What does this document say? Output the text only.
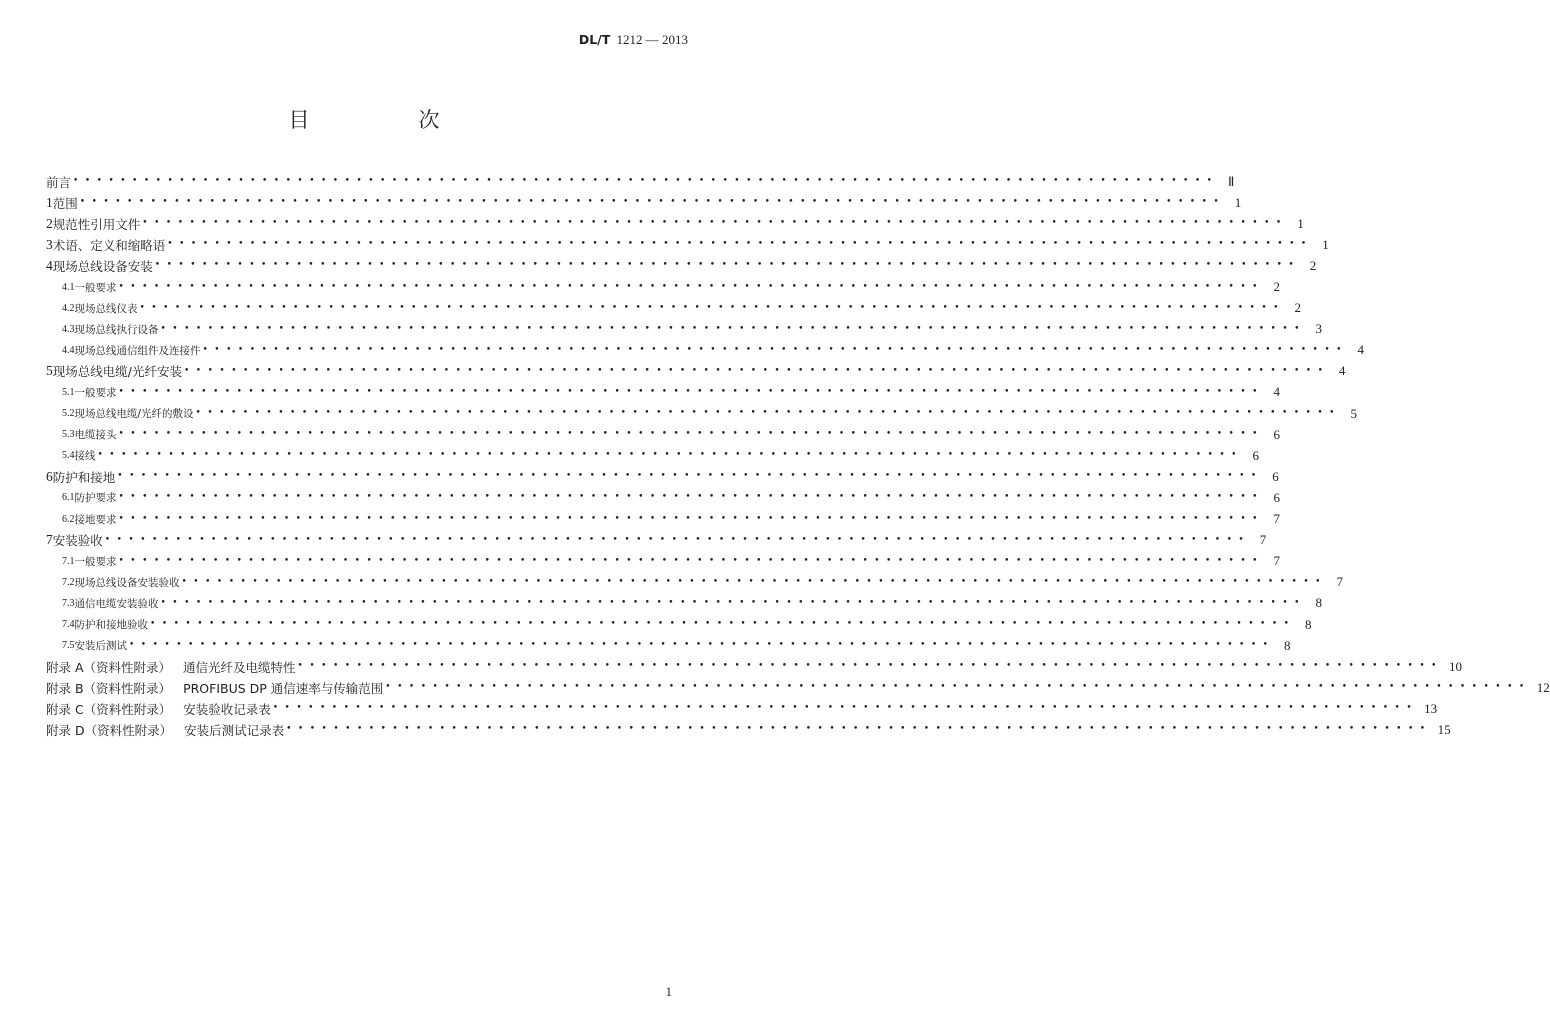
DL/T 1212 — 2013
目　次
前言 ••••••••••••••••••••••••••••••••••••••••••••••••••••••••••••••••••••••••••••••••••••••••••••••••• Ⅱ
1 范围 ••••••••••••••••••••••••••••••••••••••••••••••••••••••••••••••••••••••••••••••••••••••••••••••••• 1
2 规范性引用文件 ••••••••••••••••••••••••••••••••••••••••••••••••••••••••••••••••••••••••••••••••••••••••••••••••• 1
3 术语、定义和缩略语 ••••••••••••••••••••••••••••••••••••••••••••••••••••••••••••••••••••••••••••••••••••••••••••••••• 1
4 现场总线设备安装 ••••••••••••••••••••••••••••••••••••••••••••••••••••••••••••••••••••••••••••••••••••••••••••••••• 2
4.1 一般要求 ••••••••••••••••••••••••••••••••••••••••••••••••••••••••••••••••••••••••••••••••••••••••••••••••• 2
4.2 现场总线仪表 ••••••••••••••••••••••••••••••••••••••••••••••••••••••••••••••••••••••••••••••••••••••••••••••••• 2
4.3 现场总线执行设备 ••••••••••••••••••••••••••••••••••••••••••••••••••••••••••••••••••••••••••••••••••••••••••••••••• 3
4.4 现场总线通信组件及连接件 ••••••••••••••••••••••••••••••••••••••••••••••••••••••••••••••••••••••••••••••••••••••••••••••••• 4
5 现场总线电缆/光纤安装 ••••••••••••••••••••••••••••••••••••••••••••••••••••••••••••••••••••••••••••••••••••••••••••••••• 4
5.1 一般要求 ••••••••••••••••••••••••••••••••••••••••••••••••••••••••••••••••••••••••••••••••••••••••••••••••• 4
5.2 现场总线电缆/光纤的敷设 ••••••••••••••••••••••••••••••••••••••••••••••••••••••••••••••••••••••••••••••••••••••••••••••••• 5
5.3 电缆接头 ••••••••••••••••••••••••••••••••••••••••••••••••••••••••••••••••••••••••••••••••••••••••••••••••• 6
5.4 接线 ••••••••••••••••••••••••••••••••••••••••••••••••••••••••••••••••••••••••••••••••••••••••••••••••• 6
6 防护和接地 ••••••••••••••••••••••••••••••••••••••••••••••••••••••••••••••••••••••••••••••••••••••••••••••••• 6
6.1 防护要求 ••••••••••••••••••••••••••••••••••••••••••••••••••••••••••••••••••••••••••••••••••••••••••••••••• 6
6.2 接地要求 ••••••••••••••••••••••••••••••••••••••••••••••••••••••••••••••••••••••••••••••••••••••••••••••••• 7
7 安装验收 ••••••••••••••••••••••••••••••••••••••••••••••••••••••••••••••••••••••••••••••••••••••••••••••••• 7
7.1 一般要求 ••••••••••••••••••••••••••••••••••••••••••••••••••••••••••••••••••••••••••••••••••••••••••••••••• 7
7.2 现场总线设备安装验收 ••••••••••••••••••••••••••••••••••••••••••••••••••••••••••••••••••••••••••••••••••••••••••••••••• 7
7.3 通信电缆安装验收 ••••••••••••••••••••••••••••••••••••••••••••••••••••••••••••••••••••••••••••••••••••••••••••••••• 8
7.4 防护和接地验收 ••••••••••••••••••••••••••••••••••••••••••••••••••••••••••••••••••••••••••••••••••••••••••••••••• 8
7.5 安装后测试 ••••••••••••••••••••••••••••••••••••••••••••••••••••••••••••••••••••••••••••••••••••••••••••••••• 8
附录 A（资料性附录） 通信光纤及电缆特性 ••••••••••••••••••••••••••••••••••••••••••••••••••••••••••••••••••••••••••••••••••••••••••••••••• 10
附录 B（资料性附录） PROFIBUS DP 通信速率与传输范围 ••••••••••••••••••••••••••••••••••••••••••••••••••••••••••••••••••••••••••••••••••••••••••••••••• 12
附录 C（资料性附录） 安装验收记录表 ••••••••••••••••••••••••••••••••••••••••••••••••••••••••••••••••••••••••••••••••••••••••••••••••• 13
附录 D（资料性附录） 安装后测试记录表 ••••••••••••••••••••••••••••••••••••••••••••••••••••••••••••••••••••••••••••••••••••••••••••••••• 15
1
